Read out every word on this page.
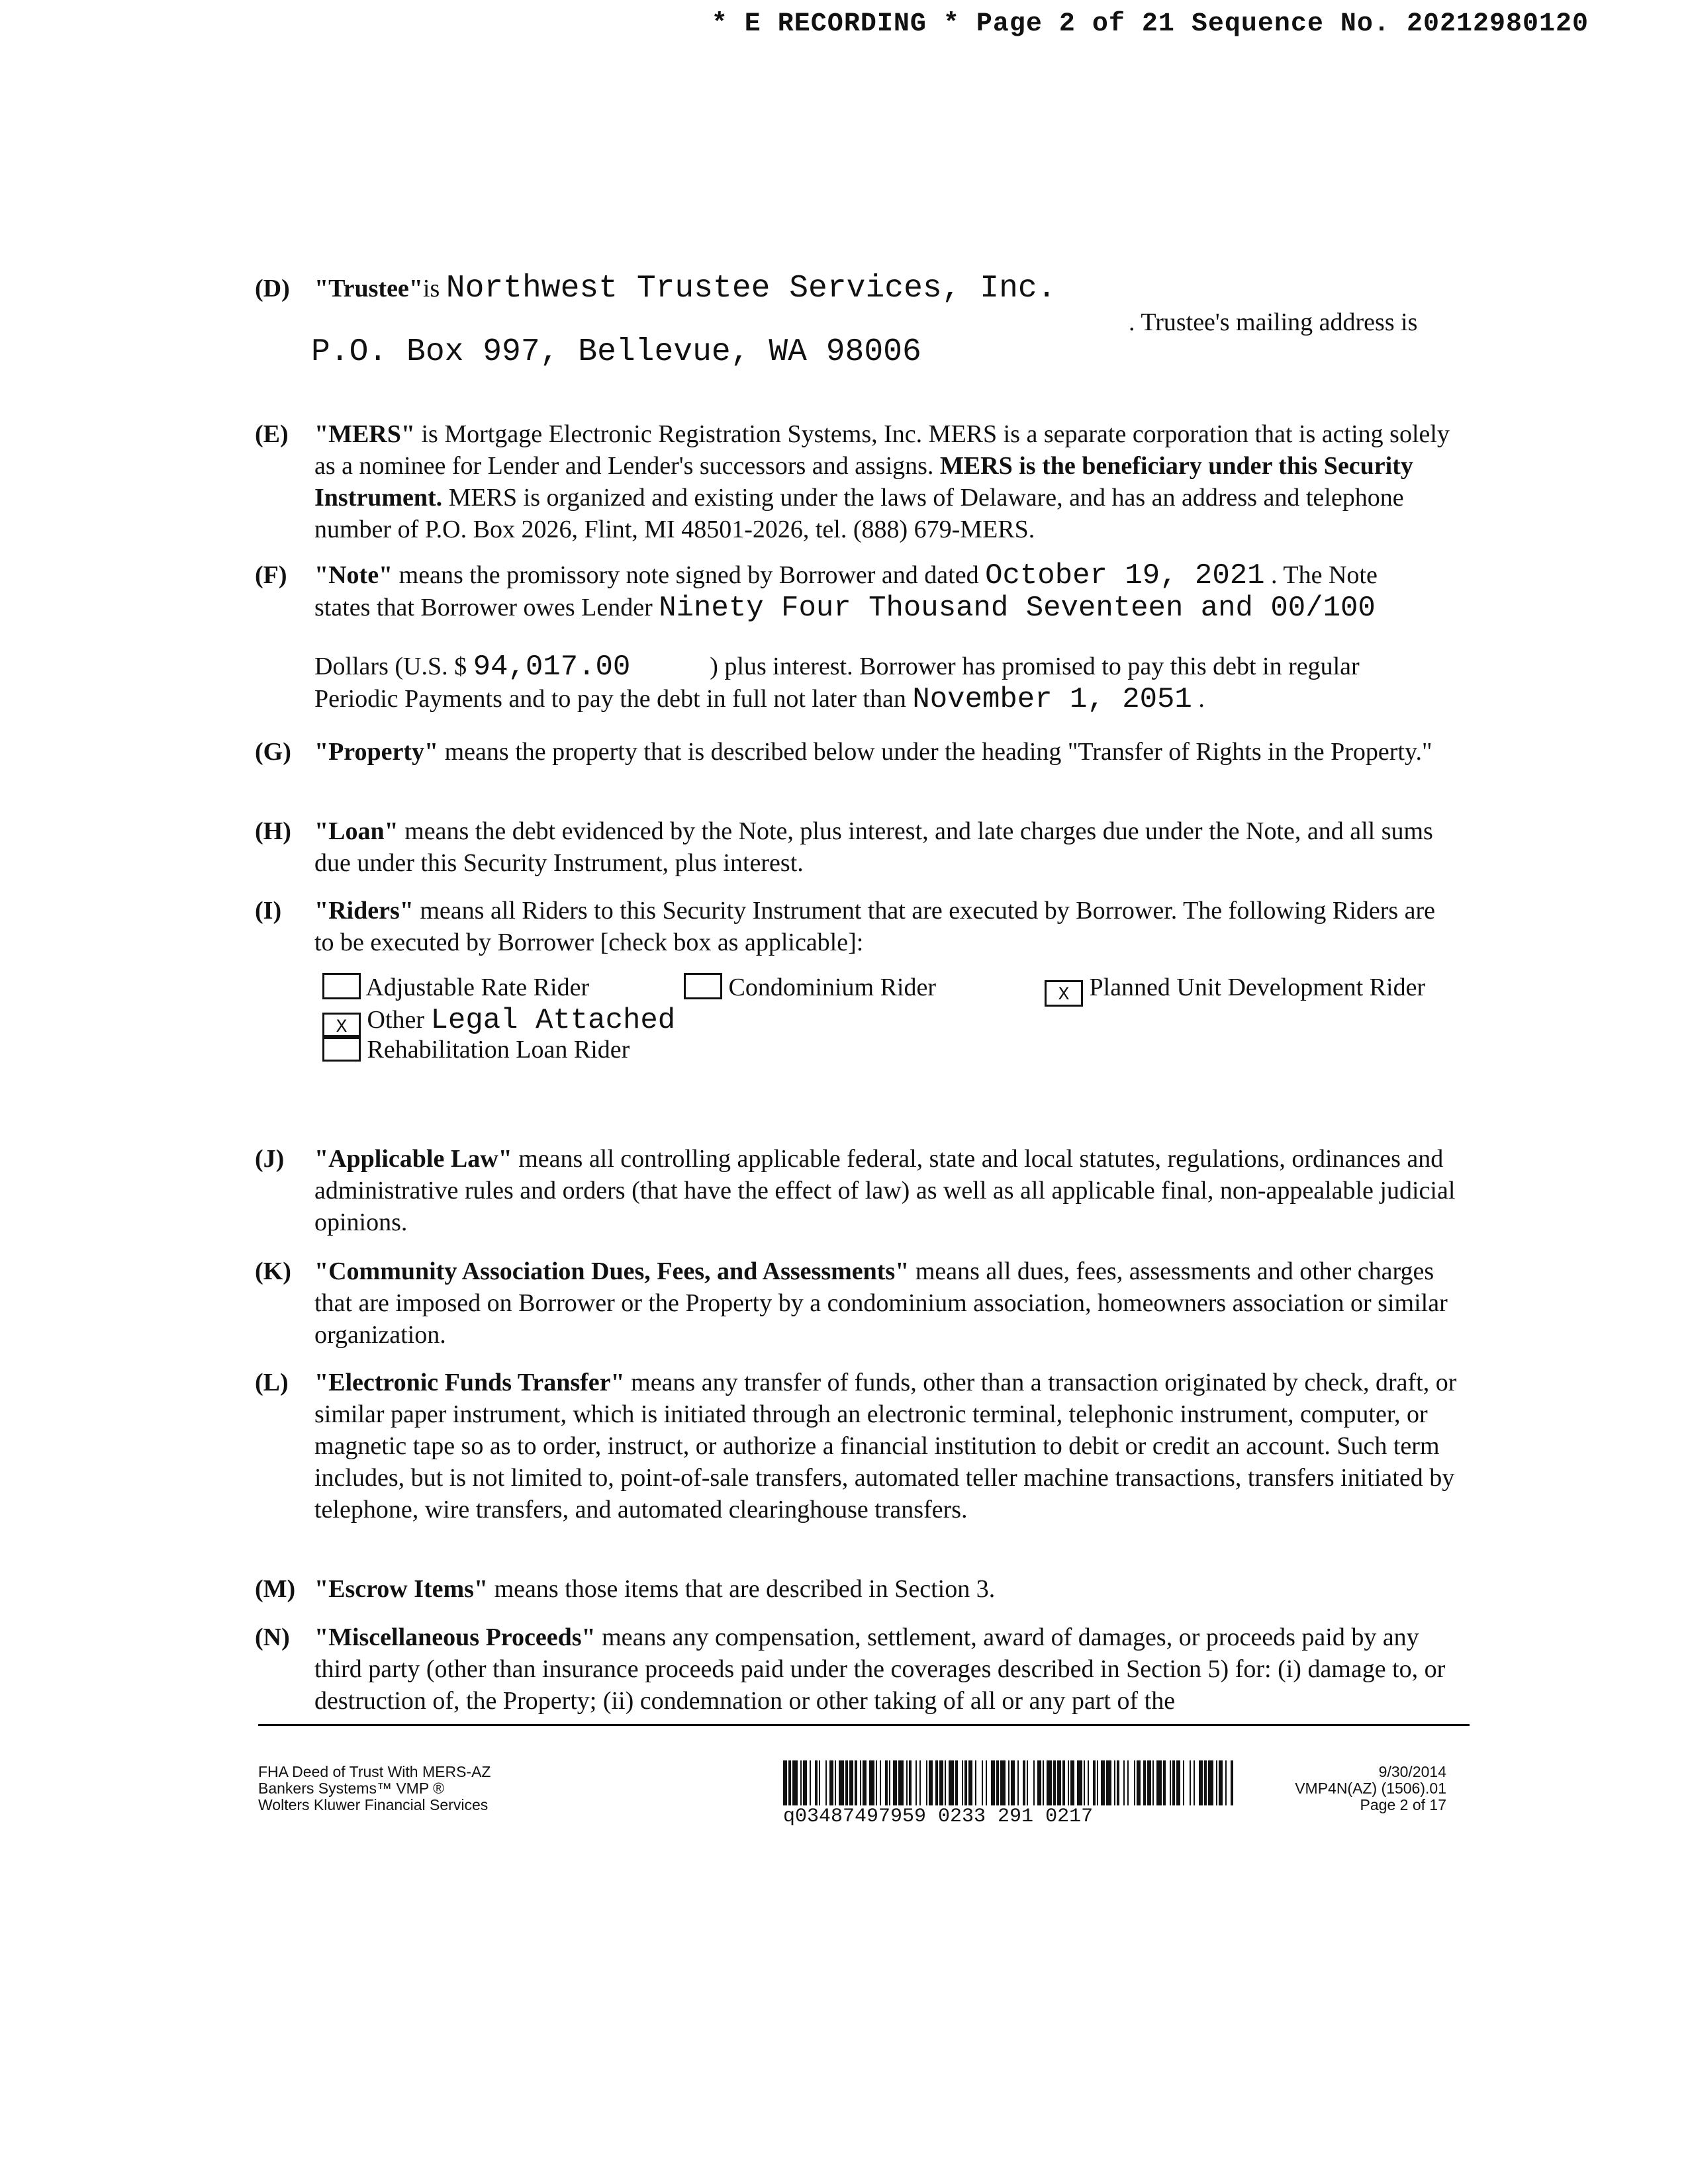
* E RECORDING * Page 2 of 21 Sequence No. 20212980120
(D) "Trustee"is Northwest Trustee Services, Inc.
. Trustee's mailing address is
P.O. Box 997, Bellevue, WA 98006
(E) "MERS" is Mortgage Electronic Registration Systems, Inc. MERS is a separate corporation that is acting solely as a nominee for Lender and Lender's successors and assigns. MERS is the beneficiary under this Security Instrument. MERS is organized and existing under the laws of Delaware, and has an address and telephone number of P.O. Box 2026, Flint, MI 48501-2026, tel. (888) 679-MERS.
(F) "Note" means the promissory note signed by Borrower and dated October 19, 2021 . The Note
states that Borrower owes Lender Ninety Four Thousand Seventeen and 00/100
Dollars (U.S. $ 94,017.00	) plus interest. Borrower has promised to pay this debt in regular
Periodic Payments and to pay the debt in full not later than November 1, 2051 .
(G) "Property" means the property that is described below under the heading "Transfer of Rights in the Property."
(H) "Loan" means the debt evidenced by the Note, plus interest, and late charges due under the Note, and all sums due under this Security Instrument, plus interest.
(I) "Riders" means all Riders to this Security Instrument that are executed by Borrower. The following Riders are to be executed by Borrower [check box as applicable]:
Adjustable Rate Rider	Condominium Rider	X Planned Unit Development Rider
X Other Legal Attached
Rehabilitation Loan Rider
(J) "Applicable Law" means all controlling applicable federal, state and local statutes, regulations, ordinances and administrative rules and orders (that have the effect of law) as well as all applicable final, non-appealable judicial opinions.
(K) "Community Association Dues, Fees, and Assessments" means all dues, fees, assessments and other charges that are imposed on Borrower or the Property by a condominium association, homeowners association or similar organization.
(L) "Electronic Funds Transfer" means any transfer of funds, other than a transaction originated by check, draft, or similar paper instrument, which is initiated through an electronic terminal, telephonic instrument, computer, or magnetic tape so as to order, instruct, or authorize a financial institution to debit or credit an account. Such term includes, but is not limited to, point-of-sale transfers, automated teller machine transactions, transfers initiated by telephone, wire transfers, and automated clearinghouse transfers.
(M) "Escrow Items" means those items that are described in Section 3.
(N) "Miscellaneous Proceeds" means any compensation, settlement, award of damages, or proceeds paid by any third party (other than insurance proceeds paid under the coverages described in Section 5) for: (i) damage to, or destruction of, the Property; (ii) condemnation or other taking of all or any part of the
FHA Deed of Trust With MERS-AZ
Bankers Systems™ VMP ®
Wolters Kluwer Financial Services
q03487497959 0233 291 0217
9/30/2014
VMP4N(AZ) (1506).01
Page 2 of 17
